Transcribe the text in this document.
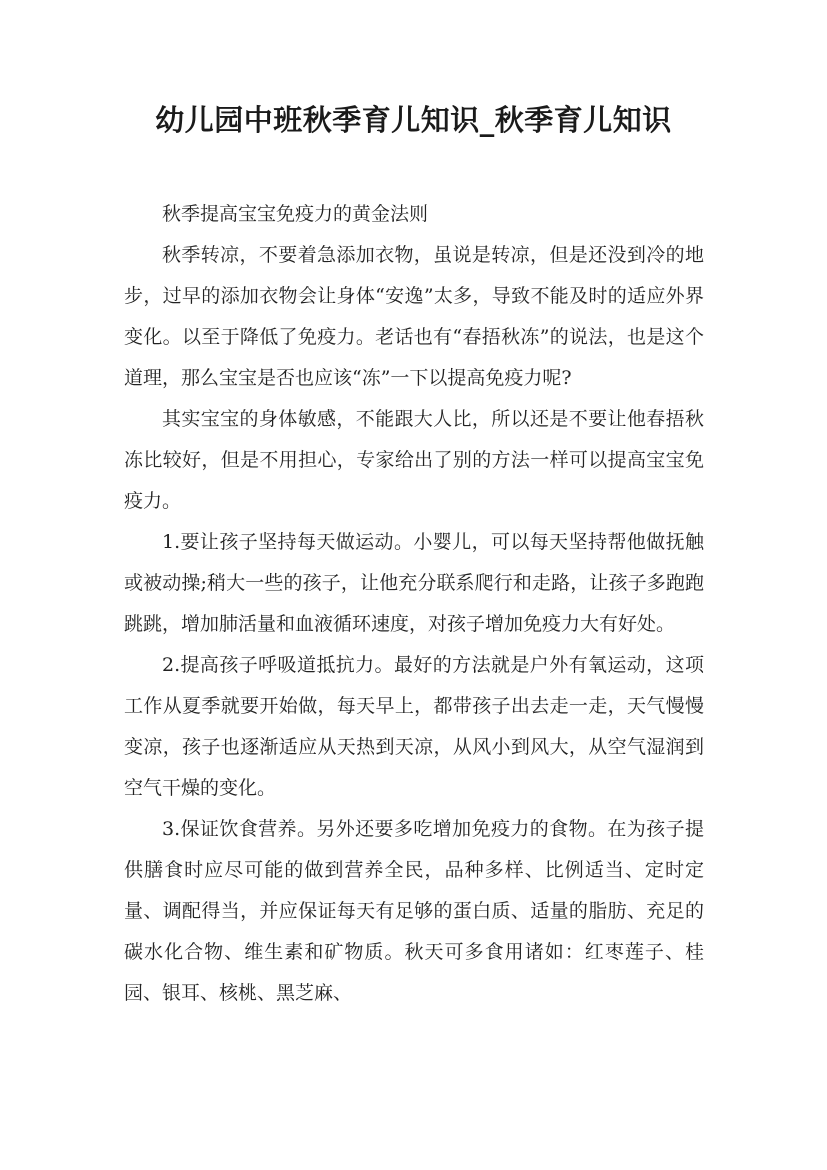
幼儿园中班秋季育儿知识_秋季育儿知识

秋季提高宝宝免疫力的黄金法则

秋季转凉，不要着急添加衣物，虽说是转凉，但是还没到冷的地步，过早的添加衣物会让身体“安逸”太多，导致不能及时的适应外界变化。以至于降低了免疫力。老话也有“春捂秋冻”的说法，也是这个道理，那么宝宝是否也应该“冻”一下以提高免疫力呢?

其实宝宝的身体敏感，不能跟大人比，所以还是不要让他春捂秋冻比较好，但是不用担心，专家给出了别的方法一样可以提高宝宝免疫力。

1.要让孩子坚持每天做运动。小婴儿，可以每天坚持帮他做抚触或被动操;稍大一些的孩子，让他充分联系爬行和走路，让孩子多跑跑跳跳，增加肺活量和血液循环速度，对孩子增加免疫力大有好处。

2.提高孩子呼吸道抵抗力。最好的方法就是户外有氧运动，这项工作从夏季就要开始做，每天早上，都带孩子出去走一走，天气慢慢变凉，孩子也逐渐适应从天热到天凉，从风小到风大，从空气湿润到空气干燥的变化。

3.保证饮食营养。另外还要多吃增加免疫力的食物。在为孩子提供膳食时应尽可能的做到营养全民，品种多样、比例适当、定时定量、调配得当，并应保证每天有足够的蛋白质、适量的脂肪、充足的碳水化合物、维生素和矿物质。秋天可多食用诸如：红枣莲子、桂园、银耳、核桃、黑芝麻、
